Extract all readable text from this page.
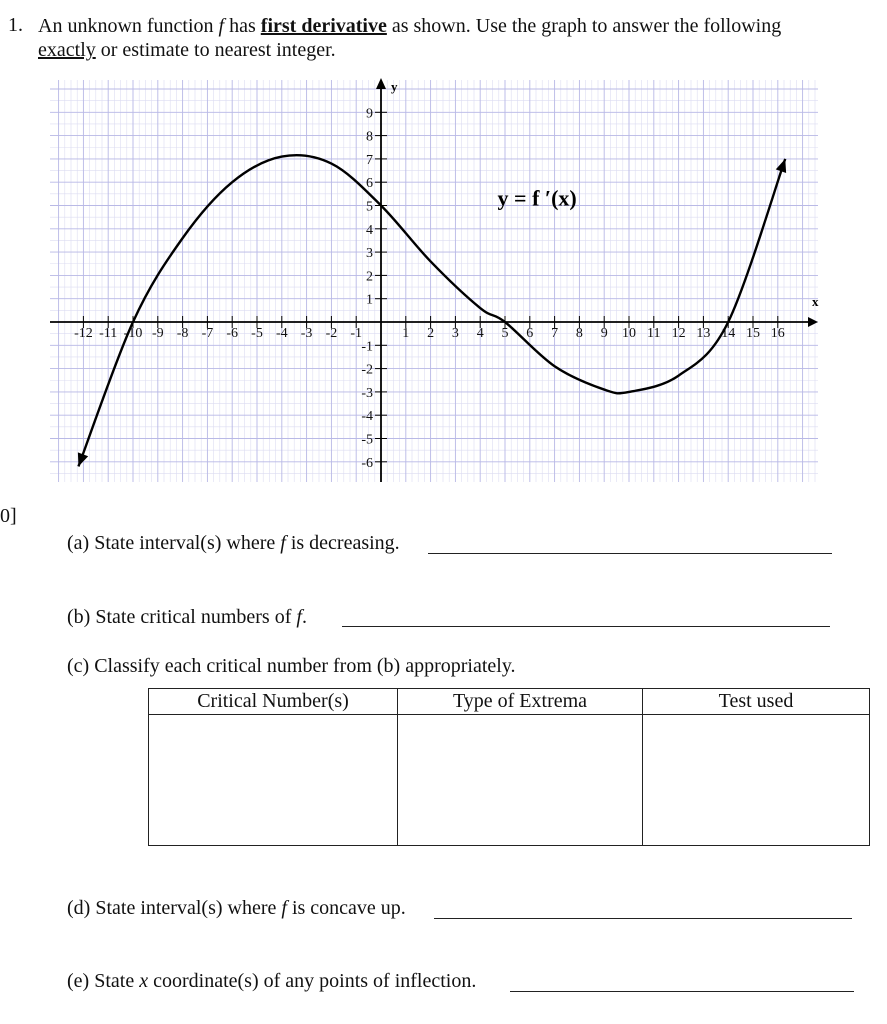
1. An unknown function f has first derivative as shown. Use the graph to answer the following
exactly or estimate to nearest integer.
0]
-12 -11 -10 -9 -8 -7 -6 -5 -4 -3 -2 -1	1 2 3 4 5 6 7 8 9 10 11 12 13 14 15 16
9
8
7
6
5
4
3
2
1
-1
-2
-3
-4
-5
-6
x
y
y = f ′(x)
(a) State interval(s) where f is decreasing.
(b) State critical numbers of f.
(c) Classify each critical number from (b) appropriately.
Critical Number(s)	Type of Extrema	Test used

(d) State interval(s) where f is concave up.
(e) State x coordinate(s) of any points of inflection.
